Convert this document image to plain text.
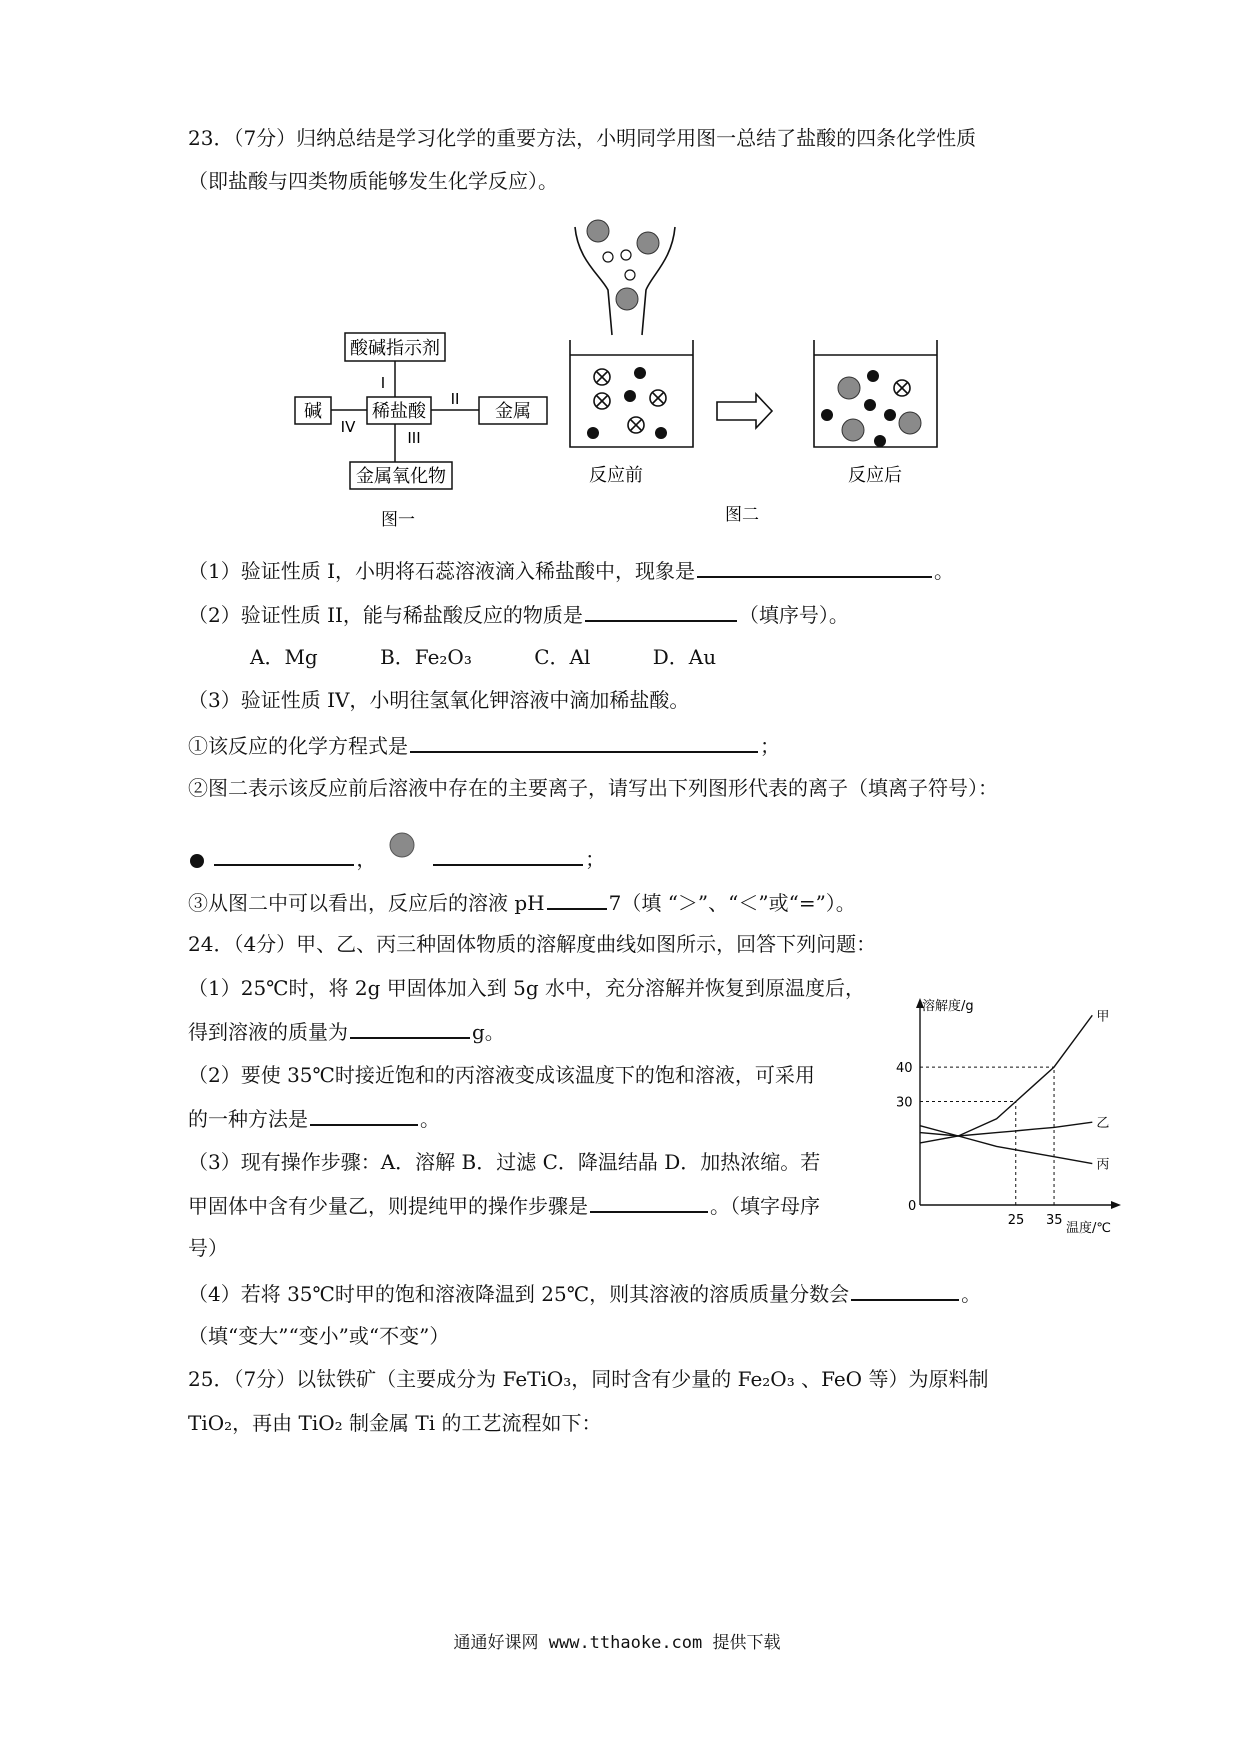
23．（7分）归纳总结是学习化学的重要方法，小明同学用图一总结了盐酸的四条化学性质
（即盐酸与四类物质能够发生化学反应）。
酸碱指示剂
碱	稀盐酸	金属
金属氧化物
I
II
III
IV
图一
反应前	反应后
图二
（1）验证性质 I，小明将石蕊溶液滴入稀盐酸中，现象是	。
（2）验证性质 II，能与稀盐酸反应的物质是	（填序号）。
A．Mg	B．Fe₂O₃	C．Al	D．Au
（3）验证性质 IV，小明往氢氧化钾溶液中滴加稀盐酸。
①该反应的化学方程式是	；
②图二表示该反应前后溶液中存在的主要离子，请写出下列图形代表的离子（填离子符号）：
，	；
③从图二中可以看出，反应后的溶液 pH	7（填 “＞”、“＜”或“=”）。
24．（4分）甲、乙、丙三种固体物质的溶解度曲线如图所示，回答下列问题：
（1）25℃时，将 2g 甲固体加入到 5g 水中，充分溶解并恢复到原温度后，
得到溶液的质量为	g。
（2）要使 35℃时接近饱和的丙溶液变成该温度下的饱和溶液，可采用
的一种方法是	。
（3）现有操作步骤：A．溶解 B．过滤 C．降温结晶 D．加热浓缩。若
甲固体中含有少量乙，则提纯甲的操作步骤是	。（填字母序
号）
（4）若将 35℃时甲的饱和溶液降温到 25℃，则其溶液的溶质质量分数会	。
（填“变大”“变小”或“不变”）
溶解度/g
温度/℃
0
30
40
25 35
甲
乙
丙
25．（7分）以钛铁矿（主要成分为 FeTiO₃，同时含有少量的 Fe₂O₃ 、FeO 等）为原料制
TiO₂，再由 TiO₂ 制金属 Ti 的工艺流程如下：
通通好课网 www.tthaoke.com 提供下载
